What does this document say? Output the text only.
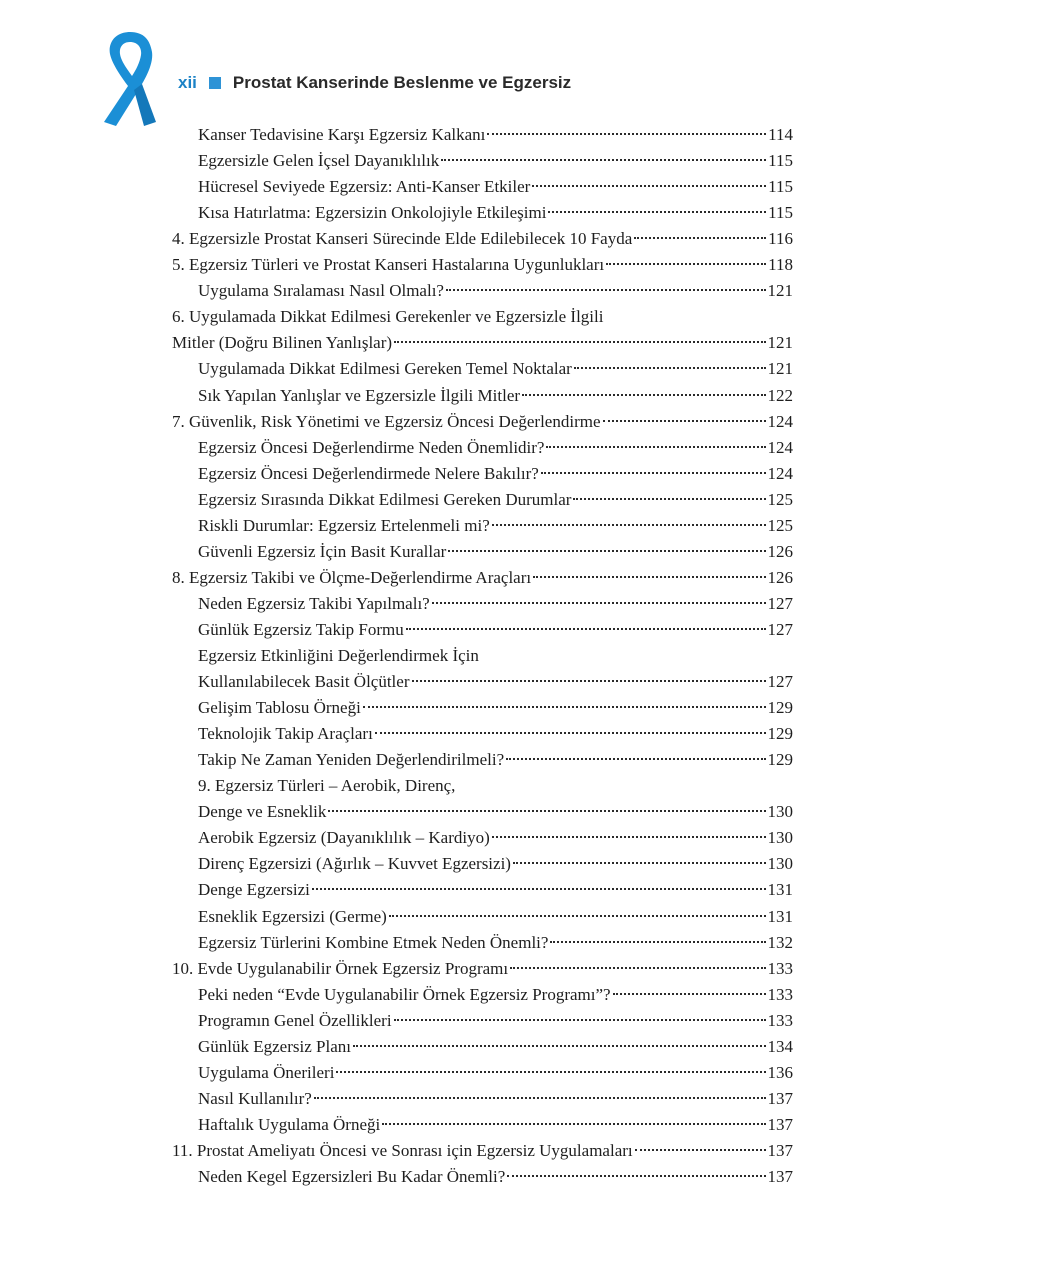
xii Prostat Kanserinde Beslenme ve Egzersiz
Kanser Tedavisine Karşı Egzersiz Kalkanı	114
Egzersizle Gelen İçsel Dayanıklılık	115
Hücresel Seviyede Egzersiz: Anti-Kanser Etkiler	115
Kısa Hatırlatma: Egzersizin Onkolojiyle Etkileşimi	115
4. Egzersizle Prostat Kanseri Sürecinde Elde Edilebilecek 10 Fayda	116
5. Egzersiz Türleri ve Prostat Kanseri Hastalarına Uygunlukları	118
Uygulama Sıralaması Nasıl Olmalı?	121
6. Uygulamada Dikkat Edilmesi Gerekenler ve Egzersizle İlgili
Mitler (Doğru Bilinen Yanlışlar)	121
Uygulamada Dikkat Edilmesi Gereken Temel Noktalar	121
Sık Yapılan Yanlışlar ve Egzersizle İlgili Mitler	122
7. Güvenlik, Risk Yönetimi ve Egzersiz Öncesi Değerlendirme	124
Egzersiz Öncesi Değerlendirme Neden Önemlidir?	124
Egzersiz Öncesi Değerlendirmede Nelere Bakılır?	124
Egzersiz Sırasında Dikkat Edilmesi Gereken Durumlar	125
Riskli Durumlar: Egzersiz Ertelenmeli mi?	125
Güvenli Egzersiz İçin Basit Kurallar	126
8. Egzersiz Takibi ve Ölçme-Değerlendirme Araçları	126
Neden Egzersiz Takibi Yapılmalı?	127
Günlük Egzersiz Takip Formu	127
Egzersiz Etkinliğini Değerlendirmek İçin
Kullanılabilecek Basit Ölçütler	127
Gelişim Tablosu Örneği	129
Teknolojik Takip Araçları	129
Takip Ne Zaman Yeniden Değerlendirilmeli?	129
9. Egzersiz Türleri – Aerobik, Direnç,
Denge ve Esneklik	130
Aerobik Egzersiz (Dayanıklılık – Kardiyo)	130
Direnç Egzersizi (Ağırlık – Kuvvet Egzersizi)	130
Denge Egzersizi	131
Esneklik Egzersizi (Germe)	131
Egzersiz Türlerini Kombine Etmek Neden Önemli?	132
10. Evde Uygulanabilir Örnek Egzersiz Programı	133
Peki neden “Evde Uygulanabilir Örnek Egzersiz Programı”?	133
Programın Genel Özellikleri	133
Günlük Egzersiz Planı	134
Uygulama Önerileri	136
Nasıl Kullanılır?	137
Haftalık Uygulama Örneği	137
11. Prostat Ameliyatı Öncesi ve Sonrası için Egzersiz Uygulamaları	137
Neden Kegel Egzersizleri Bu Kadar Önemli?	137
